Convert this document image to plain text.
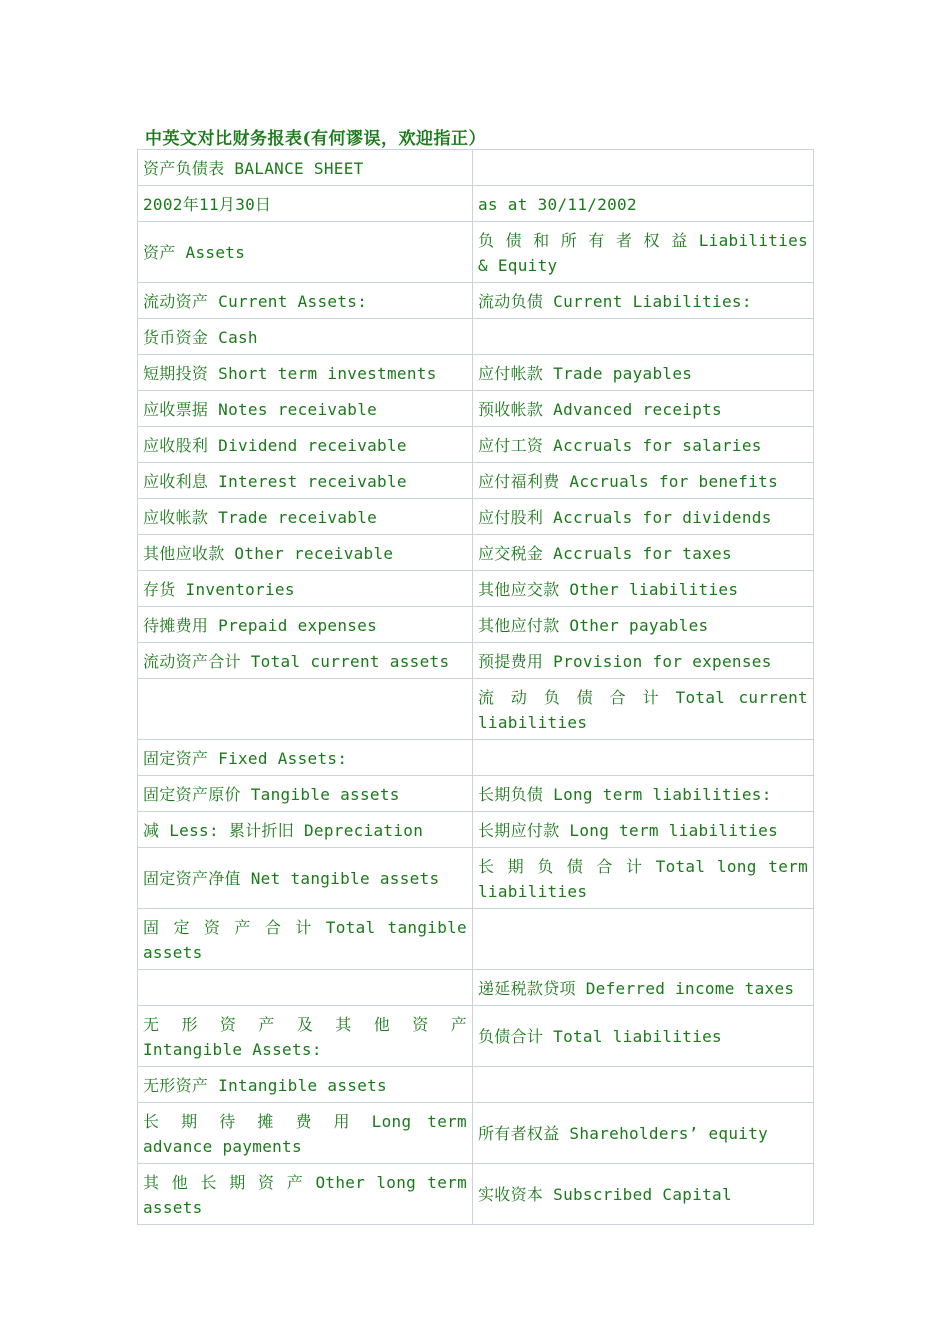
中英文对比财务报表(有何谬误，欢迎指正）
资产负债表 BALANCE SHEET	
2002年11月30日	as at 30/11/2002
资产 Assets	负 债 和 所 有 者 权 益 Liabilities & Equity
流动资产 Current Assets:	流动负债 Current Liabilities:
货币资金 Cash	
短期投资 Short term investments	应付帐款 Trade payables
应收票据 Notes receivable	预收帐款 Advanced receipts
应收股利 Dividend receivable	应付工资 Accruals for salaries
应收利息 Interest receivable	应付福利费 Accruals for benefits
应收帐款 Trade receivable	应付股利 Accruals for dividends
其他应收款 Other receivable	应交税金 Accruals for taxes
存货 Inventories	其他应交款 Other liabilities
待摊费用 Prepaid expenses	其他应付款 Other payables
流动资产合计 Total current assets	预提费用 Provision for expenses
	流 动 负 债 合 计 Total current liabilities
固定资产 Fixed Assets:	
固定资产原价 Tangible assets	长期负债 Long term liabilities:
减 Less: 累计折旧 Depreciation	长期应付款 Long term liabilities
固定资产净值 Net tangible assets	长 期 负 债 合 计 Total long term liabilities
固 定 资 产 合 计 Total tangible assets	
	递延税款贷项 Deferred income taxes
无 形 资 产 及 其 他 资 产 Intangible Assets:	负债合计 Total liabilities
无形资产 Intangible assets	
长 期 待 摊 费 用 Long term advance payments	所有者权益 Shareholders’ equity
其 他 长 期 资 产 Other long term assets	实收资本 Subscribed Capital
